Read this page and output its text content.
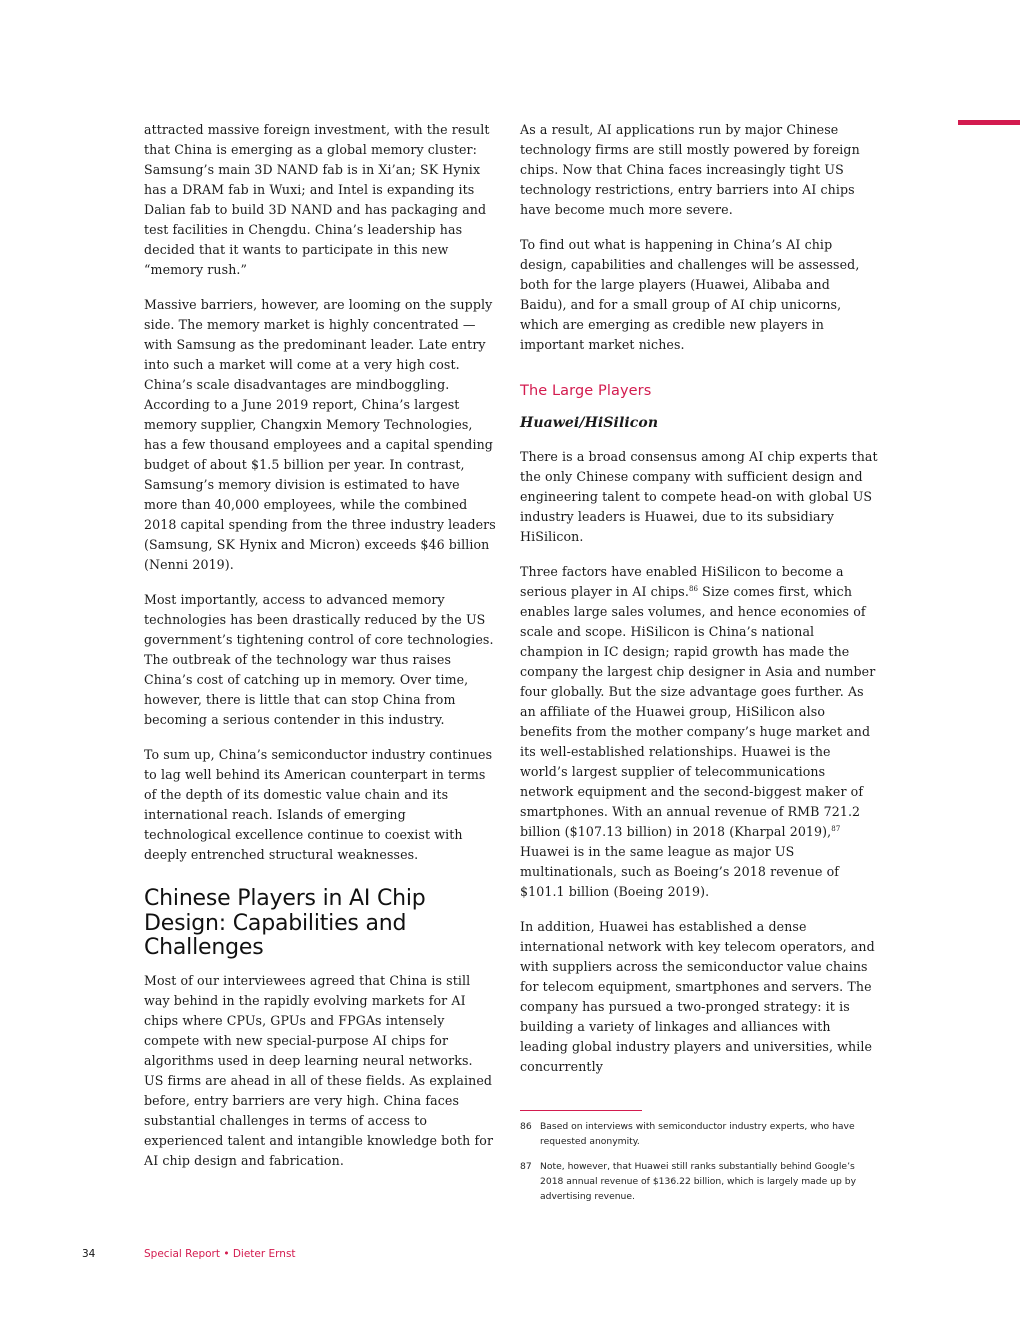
attracted massive foreign investment, with the result that China is emerging as a global memory cluster: Samsung’s main 3D NAND fab is in Xi’an; SK Hynix has a DRAM fab in Wuxi; and Intel is expanding its Dalian fab to build 3D NAND and has packaging and test facilities in Chengdu. China’s leadership has decided that it wants to participate in this new “memory rush.”

Massive barriers, however, are looming on the supply side. The memory market is highly concentrated — with Samsung as the predominant leader. Late entry into such a market will come at a very high cost. China’s scale disadvantages are mindboggling. According to a June 2019 report, China’s largest memory supplier, Changxin Memory Technologies, has a few thousand employees and a capital spending budget of about $1.5 billion per year. In contrast, Samsung’s memory division is estimated to have more than 40,000 employees, while the combined 2018 capital spending from the three industry leaders (Samsung, SK Hynix and Micron) exceeds $46 billion (Nenni 2019).

Most importantly, access to advanced memory technologies has been drastically reduced by the US government’s tightening control of core technologies. The outbreak of the technology war thus raises China’s cost of catching up in memory. Over time, however, there is little that can stop China from becoming a serious contender in this industry.

To sum up, China’s semiconductor industry continues to lag well behind its American counterpart in terms of the depth of its domestic value chain and its international reach. Islands of emerging technological excellence continue to coexist with deeply entrenched structural weaknesses.

Chinese Players in AI Chip Design: Capabilities and Challenges

Most of our interviewees agreed that China is still way behind in the rapidly evolving markets for AI chips where CPUs, GPUs and FPGAs intensely compete with new special-purpose AI chips for algorithms used in deep learning neural networks. US firms are ahead in all of these fields. As explained before, entry barriers are very high. China faces substantial challenges in terms of access to experienced talent and intangible knowledge both for AI chip design and fabrication.

As a result, AI applications run by major Chinese technology firms are still mostly powered by foreign chips. Now that China faces increasingly tight US technology restrictions, entry barriers into AI chips have become much more severe.

To find out what is happening in China’s AI chip design, capabilities and challenges will be assessed, both for the large players (Huawei, Alibaba and Baidu), and for a small group of AI chip unicorns, which are emerging as credible new players in important market niches.

The Large Players
Huawei/HiSilicon

There is a broad consensus among AI chip experts that the only Chinese company with sufficient design and engineering talent to compete head-on with global US industry leaders is Huawei, due to its subsidiary HiSilicon.

Three factors have enabled HiSilicon to become a serious player in AI chips.$^{86}$ Size comes first, which enables large sales volumes, and hence economies of scale and scope. HiSilicon is China’s national champion in IC design; rapid growth has made the company the largest chip designer in Asia and number four globally. But the size advantage goes further. As an affiliate of the Huawei group, HiSilicon also benefits from the mother company’s huge market and its well-established relationships. Huawei is the world’s largest supplier of telecommunications network equipment and the second-biggest maker of smartphones. With an annual revenue of RMB 721.2 billion ($107.13 billion) in 2018 (Kharpal 2019),$^{87}$ Huawei is in the same league as major US multinationals, such as Boeing’s 2018 revenue of $101.1 billion (Boeing 2019).

In addition, Huawei has established a dense international network with key telecom operators, and with suppliers across the semiconductor value chains for telecom equipment, smartphones and servers. The company has pursued a two-pronged strategy: it is building a variety of linkages and alliances with leading global industry players and universities, while concurrently

86 Based on interviews with semiconductor industry experts, who have requested anonymity.
87 Note, however, that Huawei still ranks substantially behind Google’s 2018 annual revenue of $136.22 billion, which is largely made up by advertising revenue.
34	Special Report • Dieter Ernst
